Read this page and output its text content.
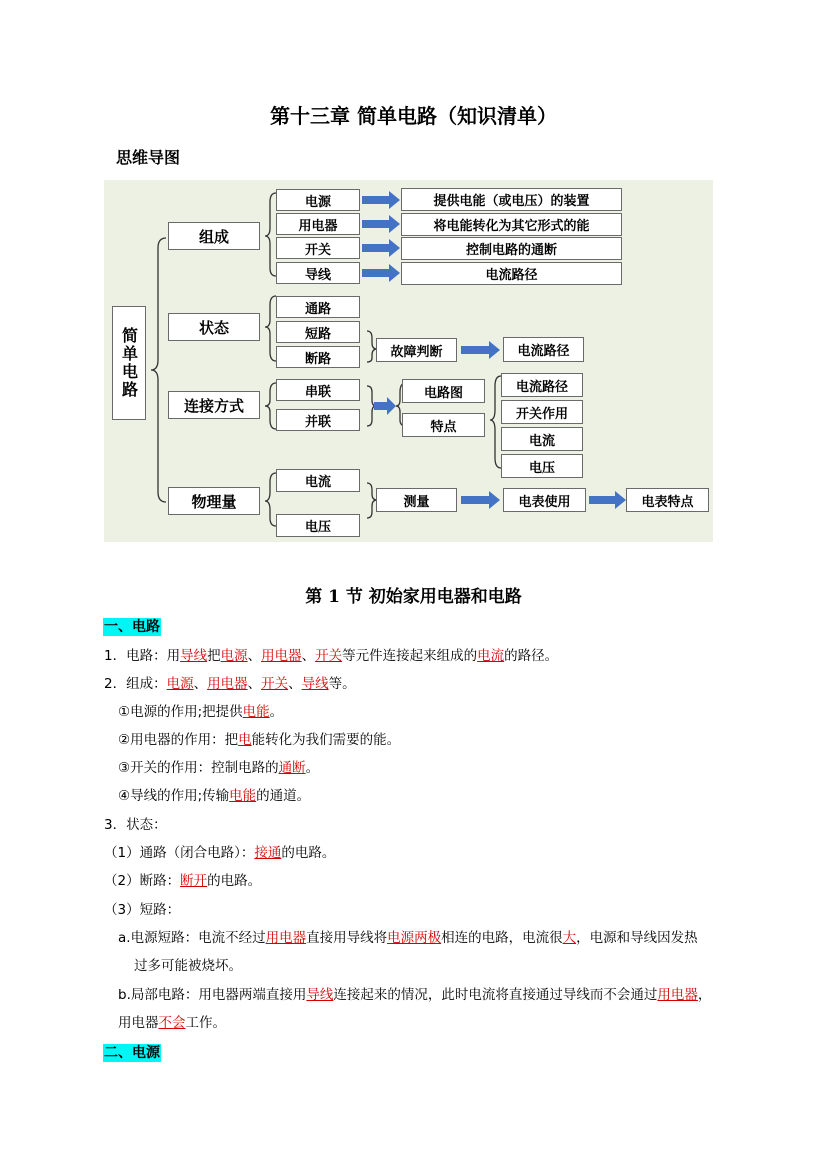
第十三章 简单电路（知识清单）
思维导图
简单电路
组成
电源
用电器
开关
导线
提供电能（或电压）的装置
将电能转化为其它形式的能
控制电路的通断
电流路径
状态
通路
短路
断路	故障判断	电流路径
连接方式
串联
并联
电路图
特点
电流路径
开关作用
电流
电压
物理量
电流
电压
测量	电表使用	电表特点
第 1 节 初始家用电器和电路
一、电路
1．电路：用导线把电源、用电器、开关等元件连接起来组成的电流的路径。
2．组成：电源、用电器、开关、导线等。
①电源的作用;把提供电能。
②用电器的作用：把电能转化为我们需要的能。
③开关的作用：控制电路的通断。
④导线的作用;传输电能的通道。
3．状态：
（1）通路（闭合电路）：接通的电路。
（2）断路：断开的电路。
（3）短路：
a.电源短路：电流不经过用电器直接用导线将电源两极相连的电路，电流很大，电源和导线因发热
过多可能被烧坏。
b.局部电路：用电器两端直接用导线连接起来的情况，此时电流将直接通过导线而不会通过用电器，
用电器不会工作。
二、电源
